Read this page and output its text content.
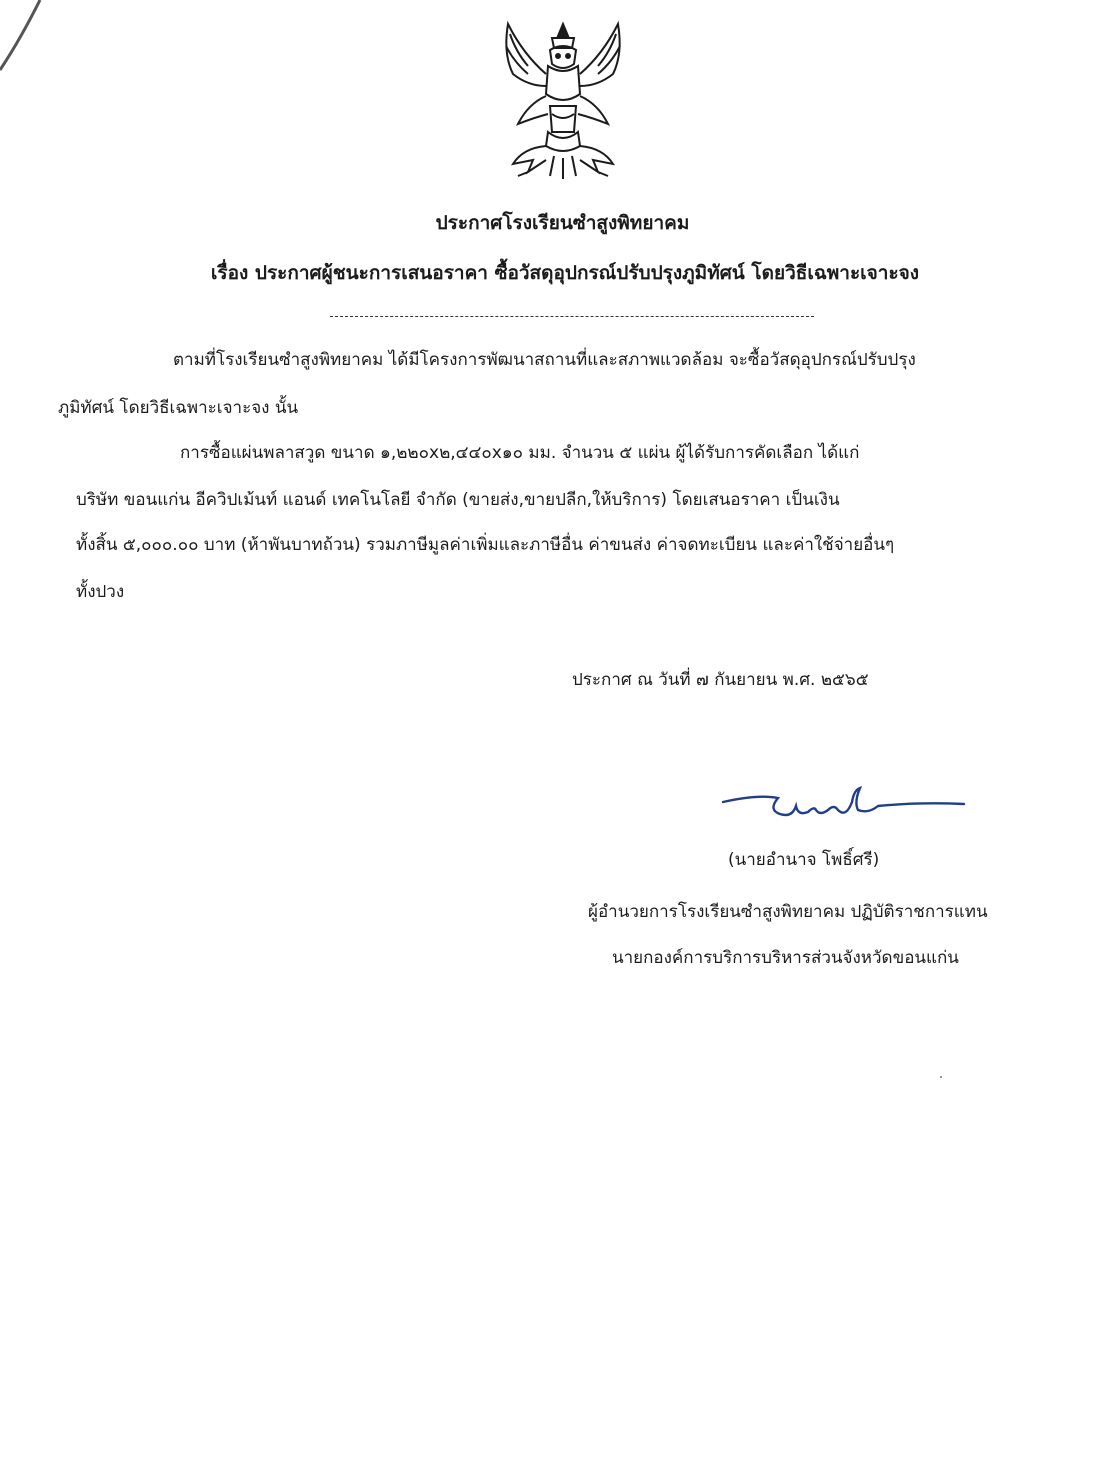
ประกาศโรงเรียนซำสูงพิทยาคม
เรื่อง ประกาศผู้ชนะการเสนอราคา ซื้อวัสดุอุปกรณ์ปรับปรุงภูมิทัศน์ โดยวิธีเฉพาะเจาะจง
ตามที่โรงเรียนซำสูงพิทยาคม ได้มีโครงการพัฒนาสถานที่และสภาพแวดล้อม จะซื้อวัสดุอุปกรณ์ปรับปรุง
ภูมิทัศน์ โดยวิธีเฉพาะเจาะจง นั้น
การซื้อแผ่นพลาสวูด ขนาด ๑,๒๒๐x๒,๔๔๐x๑๐ มม. จำนวน ๕ แผ่น ผู้ได้รับการคัดเลือก ได้แก่
บริษัท ขอนแก่น อีควิปเม้นท์ แอนด์ เทคโนโลยี จำกัด (ขายส่ง,ขายปลีก,ให้บริการ) โดยเสนอราคา เป็นเงิน
ทั้งสิ้น ๕,๐๐๐.๐๐ บาท (ห้าพันบาทถ้วน) รวมภาษีมูลค่าเพิ่มและภาษีอื่น ค่าขนส่ง ค่าจดทะเบียน และค่าใช้จ่ายอื่นๆ
ทั้งปวง
ประกาศ ณ วันที่ ๗ กันยายน พ.ศ. ๒๕๖๕
(นายอำนาจ โพธิ์ศรี)
ผู้อำนวยการโรงเรียนซำสูงพิทยาคม ปฏิบัติราชการแทน
นายกองค์การบริการบริหารส่วนจังหวัดขอนแก่น
